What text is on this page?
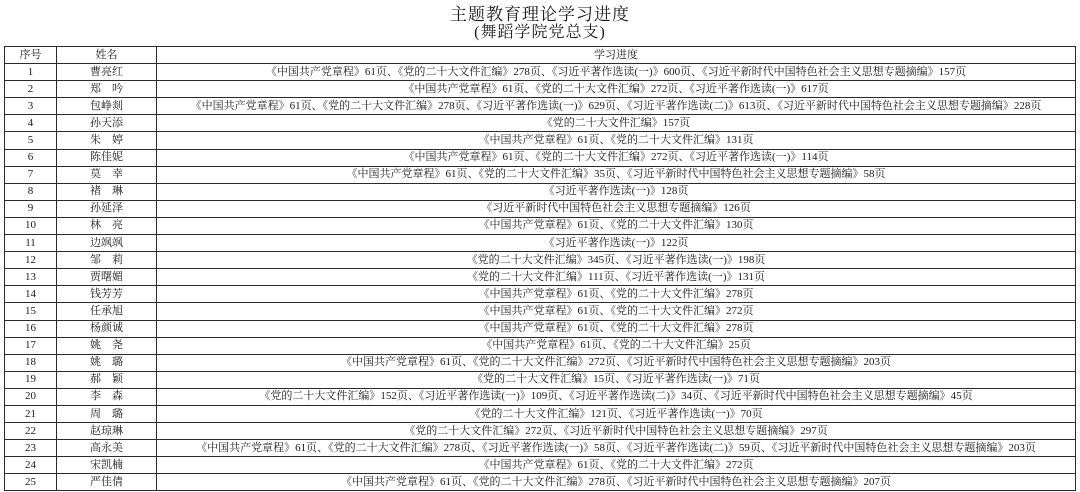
主题教育理论学习进度
(舞蹈学院党总支)
序号	姓名	学习进度
1	曹亮红	《中国共产党章程》61页、《党的二十大文件汇编》278页、《习近平著作选读(一)》600页、《习近平新时代中国特色社会主义思想专题摘编》157页
2	郑　吟	《中国共产党章程》61页、《党的二十大文件汇编》272页、《习近平著作选读(一)》617页
3	包峥剡	《中国共产党章程》61页、《党的二十大文件汇编》278页、《习近平著作选读(一)》629页、《习近平著作选读(二)》613页、《习近平新时代中国特色社会主义思想专题摘编》228页
4	孙天添	《党的二十大文件汇编》157页
5	朱　婷	《中国共产党章程》61页、《党的二十大文件汇编》131页
6	陈佳妮	《中国共产党章程》61页、《党的二十大文件汇编》272页、《习近平著作选读(一)》114页
7	莫　幸	《中国共产党章程》61页、《党的二十大文件汇编》35页、《习近平新时代中国特色社会主义思想专题摘编》58页
8	褚　琳	《习近平著作选读(一)》128页
9	孙延泽	《习近平新时代中国特色社会主义思想专题摘编》126页
10	林　亮	《中国共产党章程》61页、《党的二十大文件汇编》130页
11	边飒飒	《习近平著作选读(一)》122页
12	邹　莉	《党的二十大文件汇编》345页、《习近平著作选读(一)》198页
13	贾曙媚	《党的二十大文件汇编》111页、《习近平著作选读(一)》131页
14	钱芳芳	《中国共产党章程》61页、《党的二十大文件汇编》278页
15	任承旭	《中国共产党章程》61页、《党的二十大文件汇编》272页
16	杨颜诚	《中国共产党章程》61页、《党的二十大文件汇编》278页
17	姚　尧	《中国共产党章程》61页、《党的二十大文件汇编》25页
18	姚　璐	《中国共产党章程》61页、《党的二十大文件汇编》272页、《习近平新时代中国特色社会主义思想专题摘编》203页
19	郝　颖	《党的二十大文件汇编》15页、《习近平著作选读(一)》71页
20	李　森	《党的二十大文件汇编》152页、《习近平著作选读(一)》109页、《习近平著作选读(二)》34页、《习近平新时代中国特色社会主义思想专题摘编》45页
21	周　璐	《党的二十大文件汇编》121页、《习近平著作选读(一)》70页
22	赵琼琳	《党的二十大文件汇编》272页、《习近平新时代中国特色社会主义思想专题摘编》297页
23	高永美	《中国共产党章程》61页、《党的二十大文件汇编》278页、《习近平著作选读(一)》58页、《习近平著作选读(二)》59页、《习近平新时代中国特色社会主义思想专题摘编》203页
24	宋凯楠	《中国共产党章程》61页、《党的二十大文件汇编》272页
25	严佳倩	《中国共产党章程》61页、《党的二十大文件汇编》278页、《习近平新时代中国特色社会主义思想专题摘编》207页
